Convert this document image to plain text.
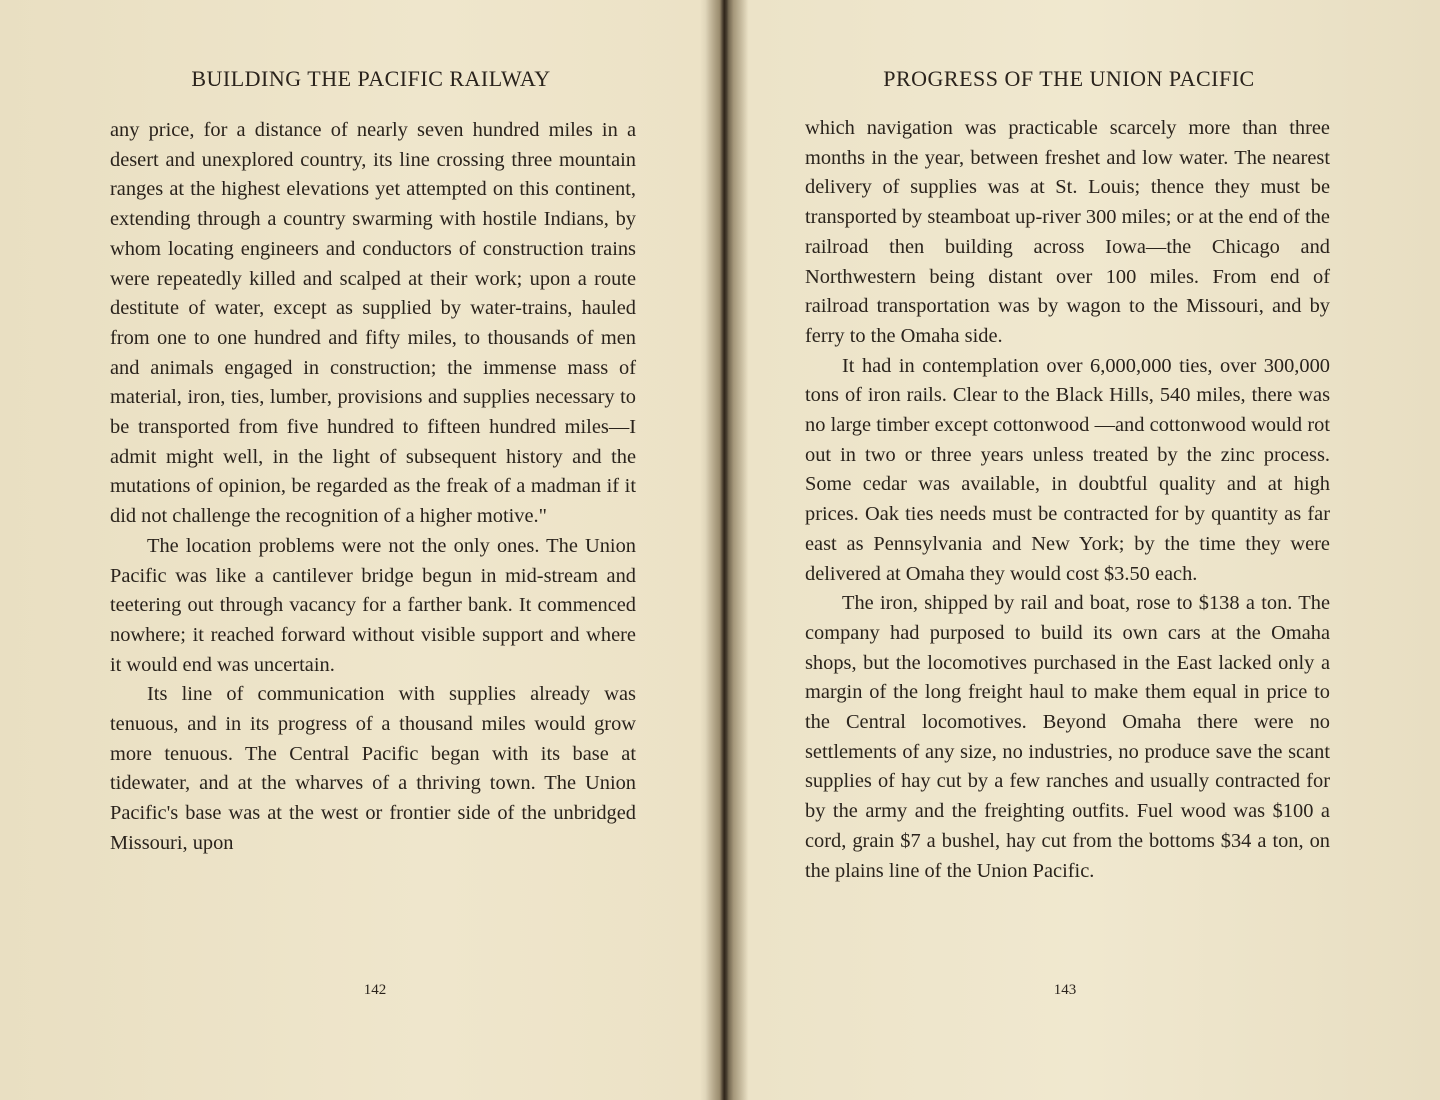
BUILDING THE PACIFIC RAILWAY

any price, for a distance of nearly seven hundred miles in a desert and unexplored country, its line crossing three mountain ranges at the highest elevations yet attempted on this continent, extending through a country swarming with hostile Indians, by whom locating engineers and conductors of construction trains were repeatedly killed and scalped at their work; upon a route destitute of water, except as supplied by water-trains, hauled from one to one hundred and fifty miles, to thousands of men and animals engaged in construction; the immense mass of material, iron, ties, lumber, provisions and supplies necessary to be transported from five hundred to fifteen hundred miles—I admit might well, in the light of subsequent history and the mutations of opinion, be regarded as the freak of a madman if it did not challenge the recognition of a higher motive."

The location problems were not the only ones. The Union Pacific was like a cantilever bridge begun in mid-stream and teetering out through vacancy for a farther bank. It commenced nowhere; it reached forward without visible support and where it would end was uncertain.

Its line of communication with supplies already was tenuous, and in its progress of a thousand miles would grow more tenuous. The Central Pacific began with its base at tidewater, and at the wharves of a thriving town. The Union Pacific's base was at the west or frontier side of the unbridged Missouri, upon

142
PROGRESS OF THE UNION PACIFIC

which navigation was practicable scarcely more than three months in the year, between freshet and low water. The nearest delivery of supplies was at St. Louis; thence they must be transported by steamboat up-river 300 miles; or at the end of the railroad then building across Iowa—the Chicago and Northwestern being distant over 100 miles. From end of railroad transportation was by wagon to the Missouri, and by ferry to the Omaha side.

It had in contemplation over 6,000,000 ties, over 300,000 tons of iron rails. Clear to the Black Hills, 540 miles, there was no large timber except cottonwood —and cottonwood would rot out in two or three years unless treated by the zinc process. Some cedar was available, in doubtful quality and at high prices. Oak ties needs must be contracted for by quantity as far east as Pennsylvania and New York; by the time they were delivered at Omaha they would cost $3.50 each.

The iron, shipped by rail and boat, rose to $138 a ton. The company had purposed to build its own cars at the Omaha shops, but the locomotives purchased in the East lacked only a margin of the long freight haul to make them equal in price to the Central locomotives. Beyond Omaha there were no settlements of any size, no industries, no produce save the scant supplies of hay cut by a few ranches and usually contracted for by the army and the freighting outfits. Fuel wood was $100 a cord, grain $7 a bushel, hay cut from the bottoms $34 a ton, on the plains line of the Union Pacific.

143
